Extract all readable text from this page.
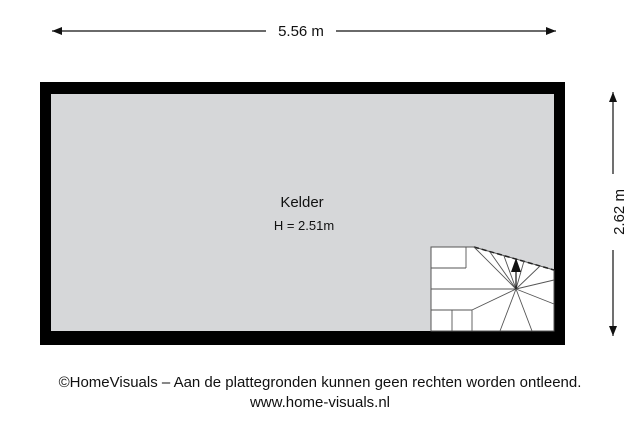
5.56 m
2.62 m
Kelder
H = 2.51m
©HomeVisuals – Aan de plattegronden kunnen geen rechten worden ontleend.
www.home-visuals.nl
